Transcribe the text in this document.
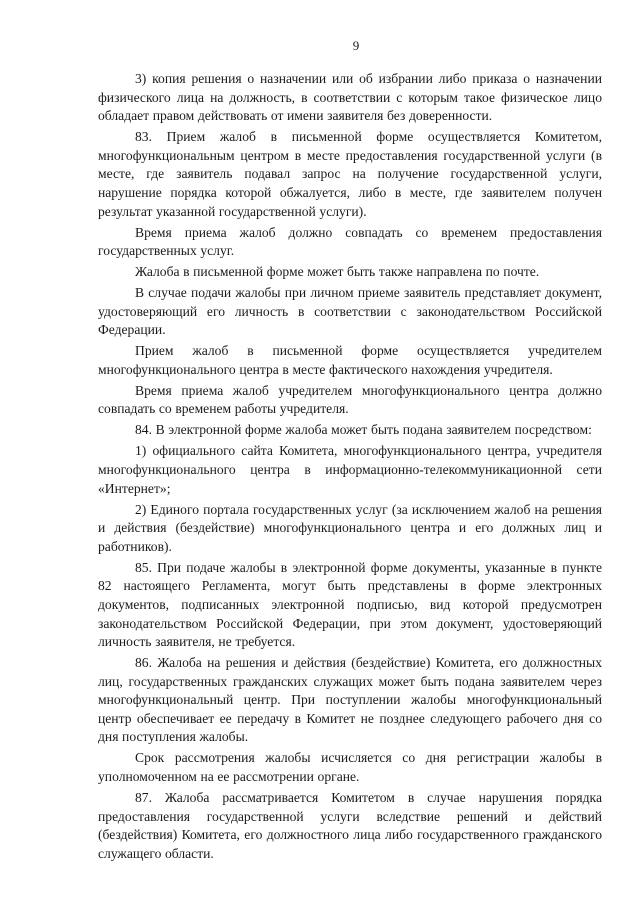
9

3) копия решения о назначении или об избрании либо приказа о назначении физического лица на должность, в соответствии с которым такое физическое лицо обладает правом действовать от имени заявителя без доверенности.

83. Прием жалоб в письменной форме осуществляется Комитетом, многофункциональным центром в месте предоставления государственной услуги (в месте, где заявитель подавал запрос на получение государственной услуги, нарушение порядка которой обжалуется, либо в месте, где заявителем получен результат указанной государственной услуги).

Время приема жалоб должно совпадать со временем предоставления государственных услуг.

Жалоба в письменной форме может быть также направлена по почте.

В случае подачи жалобы при личном приеме заявитель представляет документ, удостоверяющий его личность в соответствии с законодательством Российской Федерации.

Прием жалоб в письменной форме осуществляется учредителем многофункционального центра в месте фактического нахождения учредителя.

Время приема жалоб учредителем многофункционального центра должно совпадать со временем работы учредителя.

84. В электронной форме жалоба может быть подана заявителем посредством:

1) официального сайта Комитета, многофункционального центра, учредителя многофункционального центра в информационно-телекоммуникационной сети «Интернет»;

2) Единого портала государственных услуг (за исключением жалоб на решения и действия (бездействие) многофункционального центра и его должных лиц и работников).

85. При подаче жалобы в электронной форме документы, указанные в пункте 82 настоящего Регламента, могут быть представлены в форме электронных документов, подписанных электронной подписью, вид которой предусмотрен законодательством Российской Федерации, при этом документ, удостоверяющий личность заявителя, не требуется.

86. Жалоба на решения и действия (бездействие) Комитета, его должностных лиц, государственных гражданских служащих может быть подана заявителем через многофункциональный центр. При поступлении жалобы многофункциональный центр обеспечивает ее передачу в Комитет не позднее следующего рабочего дня со дня поступления жалобы.

Срок рассмотрения жалобы исчисляется со дня регистрации жалобы в уполномоченном на ее рассмотрении органе.

87. Жалоба рассматривается Комитетом в случае нарушения порядка предоставления государственной услуги вследствие решений и действий (бездействия) Комитета, его должностного лица либо государственного гражданского служащего области.
